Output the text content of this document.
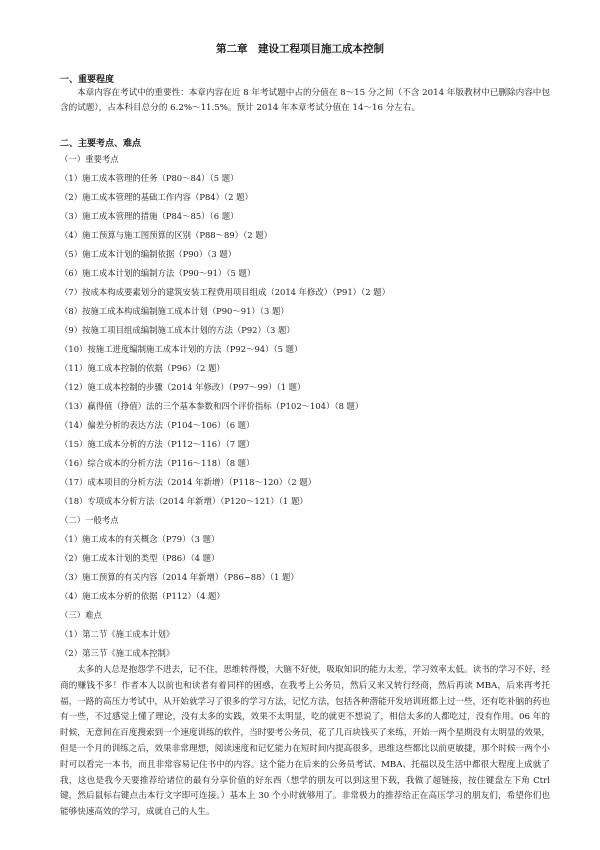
第二章　建设工程项目施工成本控制
一、重要程度

本章内容在考试中的重要性：本章内容在近 8 年考试题中占的分值在 8～15 分之间（不含 2014 年版教材中已删除内容中包含的试题），占本科目总分的 6.2%～11.5%。预计 2014 年本章考试分值在 14～16 分左右。

二、主要考点、难点
（一）重要考点
（1）施工成本管理的任务（P80～84）（5 题）
（2）施工成本管理的基础工作内容（P84）（2 题）
（3）施工成本管理的措施（P84～85）（6 题）
（4）施工预算与施工图预算的区别（P88～89）（2 题）
（5）施工成本计划的编制依据（P90）（3 题）
（6）施工成本计划的编制方法（P90～91）（5 题）
（7）按成本构成要素划分的建筑安装工程费用项目组成（2014 年修改）（P91）（2 题）
（8）按施工成本构成编制施工成本计划（P90～91）（3 题）
（9）按施工项目组成编制施工成本计划的方法（P92）（3 题）
（10）按施工进度编制施工成本计划的方法（P92～94）（5 题）
（11）施工成本控制的依据（P96）（2 题）
（12）施工成本控制的步骤（2014 年修改）（P97～99）（1 题）
（13）赢得值（挣值）法的三个基本参数和四个评价指标（P102～104）（8 题）
（14）偏差分析的表达方法（P104～106）（6 题）
（15）施工成本分析的方法（P112～116）（7 题）
（16）综合成本的分析方法（P116～118）（8 题）
（17）成本项目的分析方法（2014 年新增）（P118～120）（2 题）
（18）专项成本分析方法（2014 年新增）（P120～121）（1 题）
（二）一般考点
（1）施工成本的有关概念（P79）（3 题）
（2）施工成本计划的类型（P86）（4 题）
（3）施工预算的有关内容（2014 年新增）（P86~88）（1 题）
（4）施工成本分析的依据（P112）（4 题）
（三）难点
（1）第二节《施工成本计划》
（2）第三节《施工成本控制》

太多的人总是抱怨学不进去，记不住，思维转得慢，大脑不好使，吸取知识的能力太差，学习效率太低。读书的学习不好，经商的赚钱不多！作者本人以前也和读者有着同样的困惑，在我考上公务员，然后又来又转行经商，然后再读 MBA，后来再考托福，一路的高压力考试中，从开始就学习了很多的学习方法，记忆方法，包括各种潜能开发培训班都上过一些，还有吃补脑的药也有一些，不过感觉上懂了理论，没有太多的实践，效果不太明显，吃的就更不想说了，相信太多的人都吃过，没有作用。06 年的时候，无意间在百度搜索到一个速度训练的软件，当时要考公务员，花了几百块钱买了来练，开始一两个星期没有太明显的效果，但是一个月的训练之后，效果非常理想，阅读速度和记忆能力在短时间内提高很多，思维这些都比以前更敏捷，那个时候一两个小时可以看完一本书，而且非常容易记住书中的内容。这个能力在后来的公务员考试、MBA、托福以及生活中都很大程度上成就了我，这也是我今天要推荐给诸位的最有分享价值的好东西（想学的朋友可以到这里下载，我做了超链接，按住键盘左下角 Ctrl 键，然后鼠标右键点击本行文字即可连接。）基本上 30 个小时就够用了。非常极力的推荐给正在高压学习的朋友们，希望你们也能够快速高效的学习，成就自己的人生。
